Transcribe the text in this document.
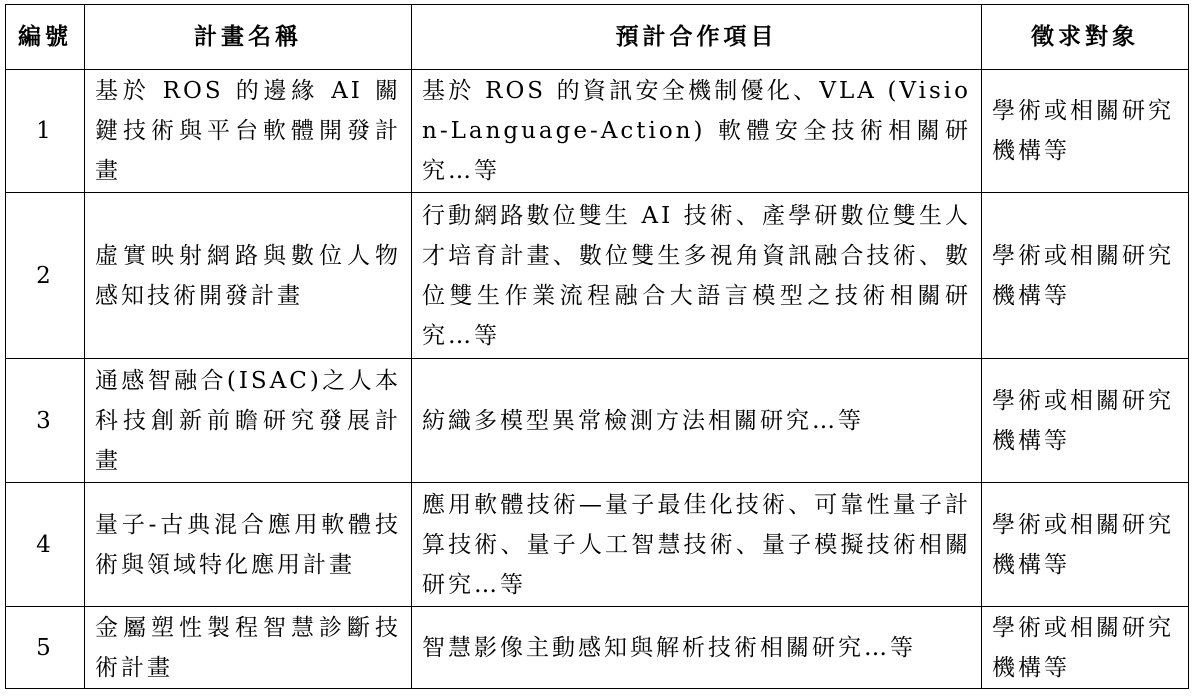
編號	計畫名稱	預計合作項目	徵求對象
1	基於 ROS 的邊緣 AI 關鍵技術與平台軟體開發計畫	基於 ROS 的資訊安全機制優化、VLA (Vision-Language-Action) 軟體安全技術相關研究…等	學術或相關研究機構等
2	虛實映射網路與數位人物感知技術開發計畫	行動網路數位雙生 AI 技術、產學研數位雙生人才培育計畫、數位雙生多視角資訊融合技術、數位雙生作業流程融合大語言模型之技術相關研究…等	學術或相關研究機構等
3	通感智融合(ISAC)之人本科技創新前瞻研究發展計畫	紡織多模型異常檢測方法相關研究…等	學術或相關研究機構等
4	量子-古典混合應用軟體技術與領域特化應用計畫	應用軟體技術—量子最佳化技術、可靠性量子計算技術、量子人工智慧技術、量子模擬技術相關研究…等	學術或相關研究機構等
5	金屬塑性製程智慧診斷技術計畫	智慧影像主動感知與解析技術相關研究…等	學術或相關研究機構等
